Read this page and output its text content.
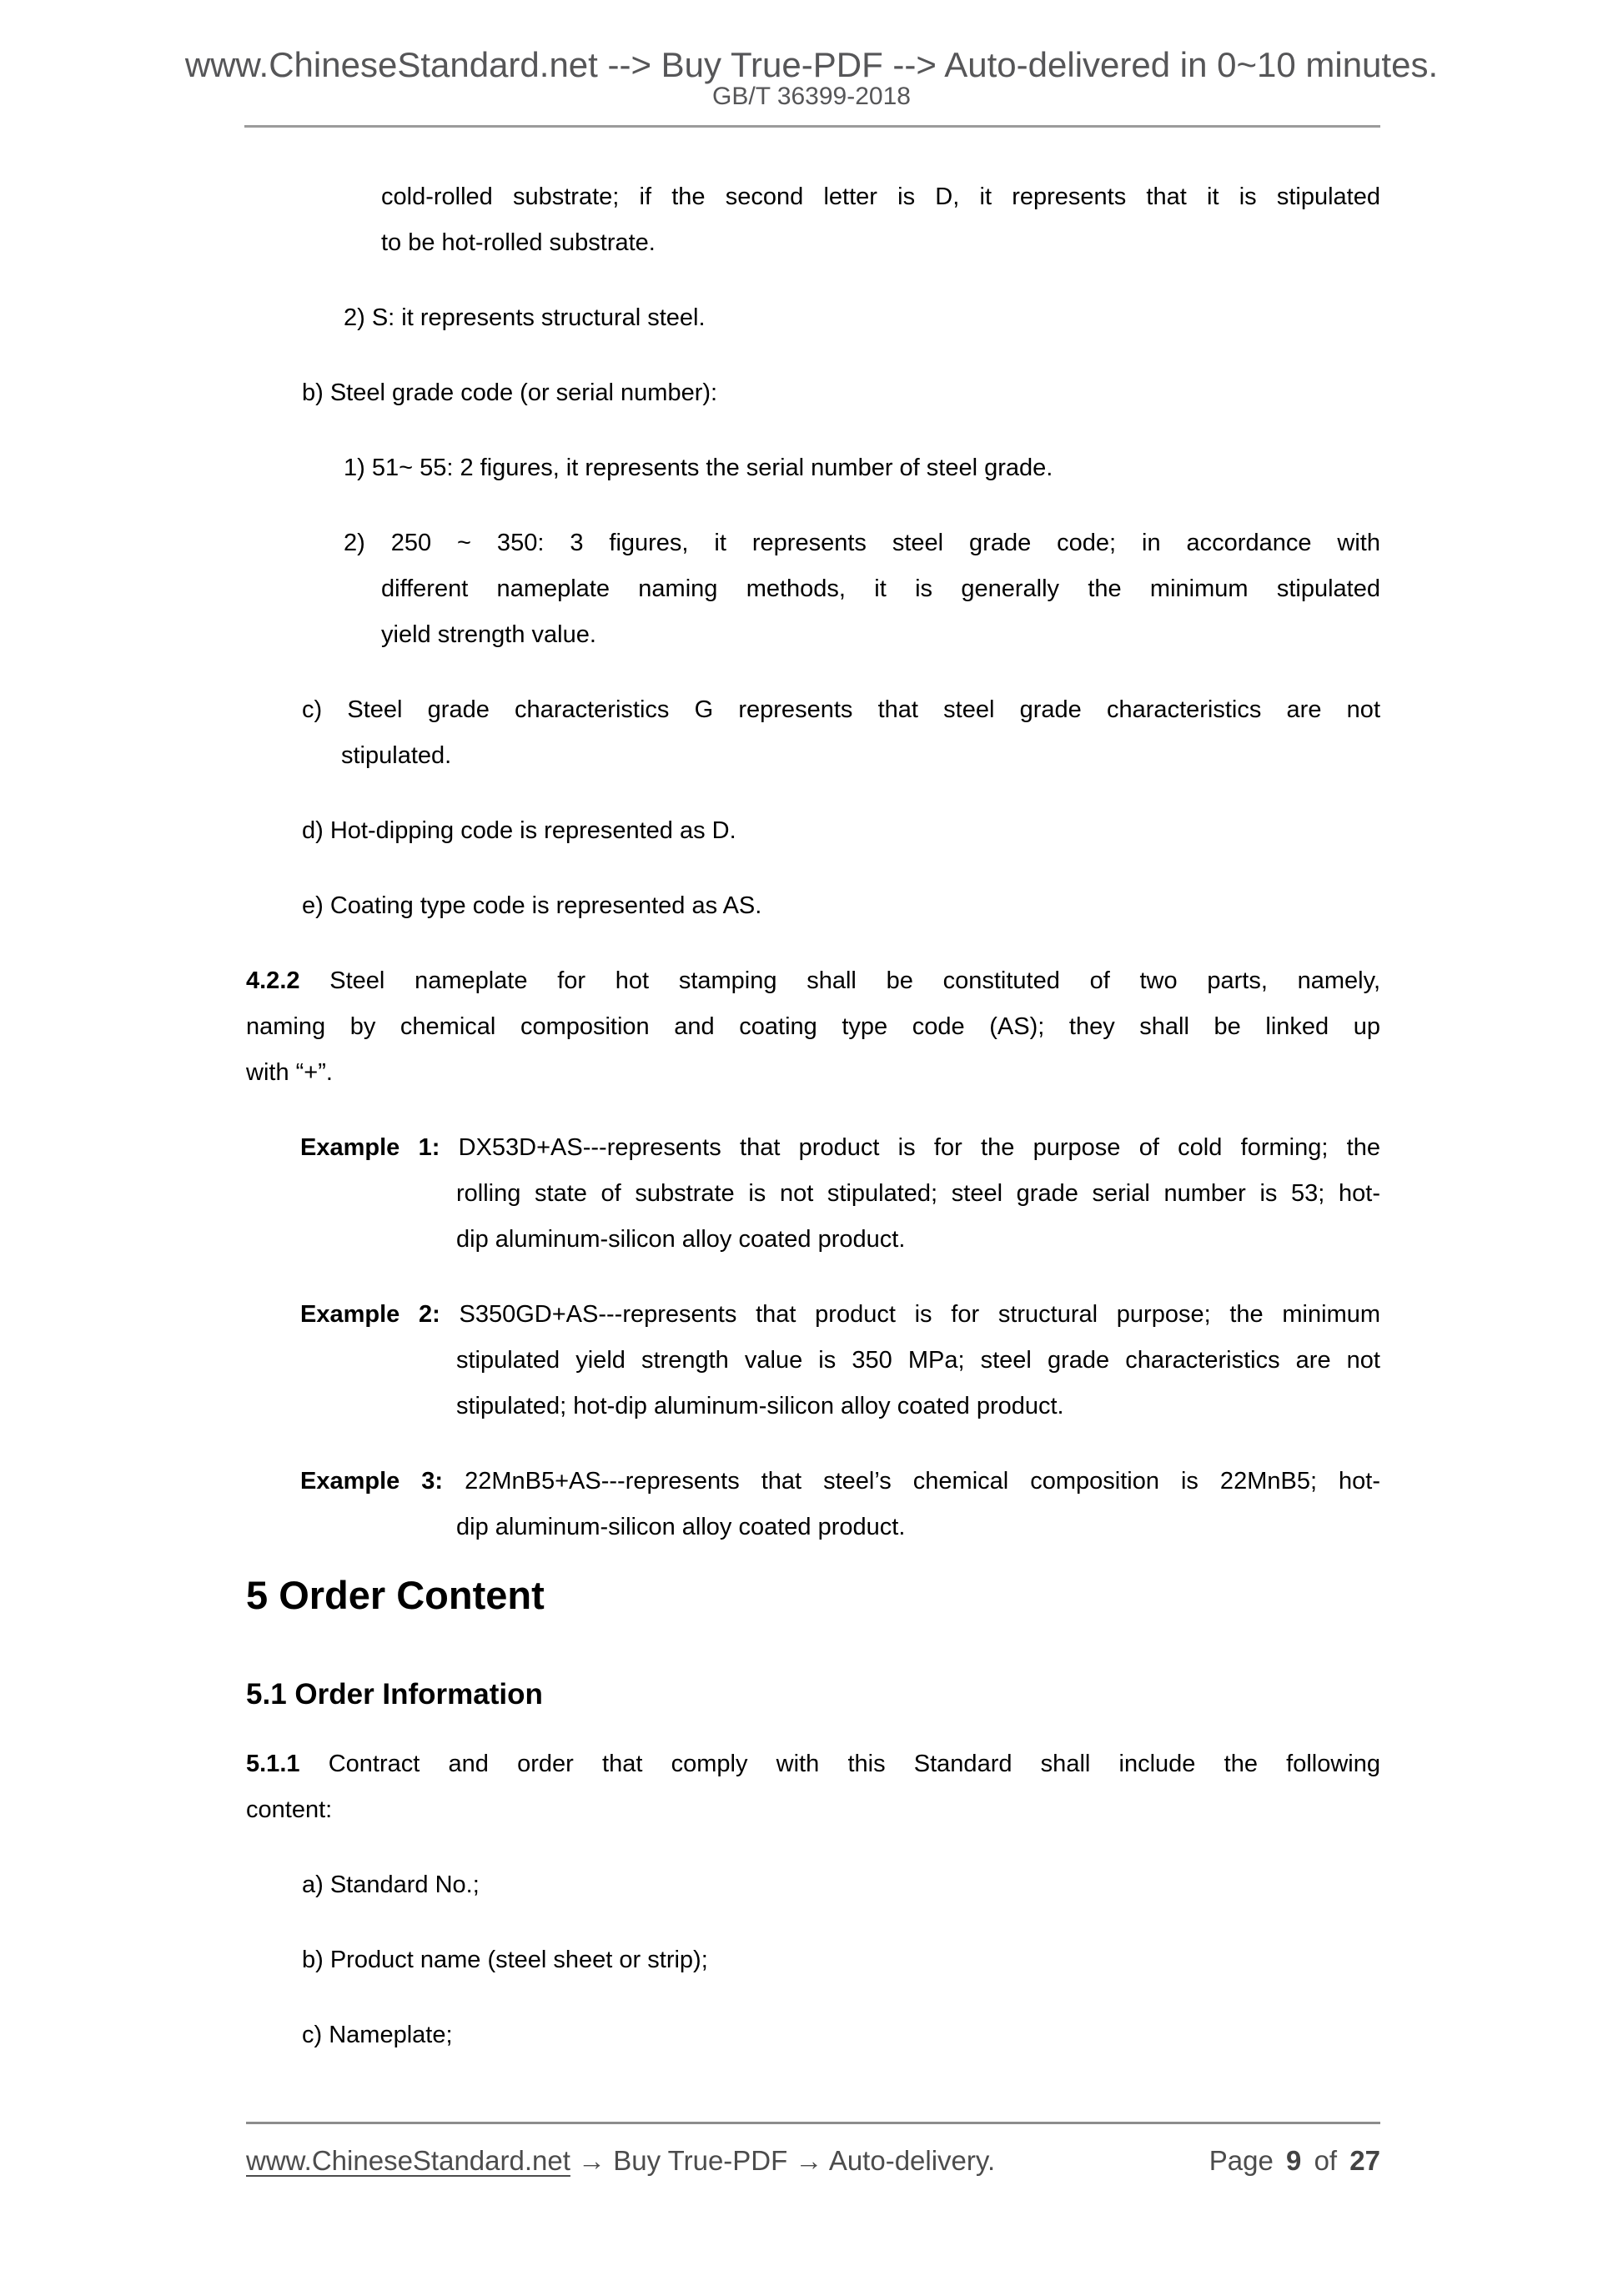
www.ChineseStandard.net --> Buy True-PDF --> Auto-delivered in 0~10 minutes.
GB/T 36399-2018
cold-rolled substrate; if the second letter is D, it represents that it is stipulated
to be hot-rolled substrate.
2) S: it represents structural steel.
b) Steel grade code (or serial number):
1) 51~ 55: 2 figures, it represents the serial number of steel grade.
2) 250 ~ 350: 3 figures, it represents steel grade code; in accordance with
different nameplate naming methods, it is generally the minimum stipulated
yield strength value.
c) Steel grade characteristics G represents that steel grade characteristics are not
stipulated.
d) Hot-dipping code is represented as D.
e) Coating type code is represented as AS.
4.2.2 Steel nameplate for hot stamping shall be constituted of two parts, namely,
naming by chemical composition and coating type code (AS); they shall be linked up
with “+”.
Example 1: DX53D+AS---represents that product is for the purpose of cold forming; the
rolling state of substrate is not stipulated; steel grade serial number is 53; hot-
dip aluminum-silicon alloy coated product.
Example 2: S350GD+AS---represents that product is for structural purpose; the minimum
stipulated yield strength value is 350 MPa; steel grade characteristics are not
stipulated; hot-dip aluminum-silicon alloy coated product.
Example 3: 22MnB5+AS---represents that steel’s chemical composition is 22MnB5; hot-
dip aluminum-silicon alloy coated product.
5 Order Content
5.1 Order Information
5.1.1 Contract and order that comply with this Standard shall include the following
content:
a) Standard No.;
b) Product name (steel sheet or strip);
c) Nameplate;
www.ChineseStandard.net → Buy True-PDF → Auto-delivery.	Page 9 of 27
